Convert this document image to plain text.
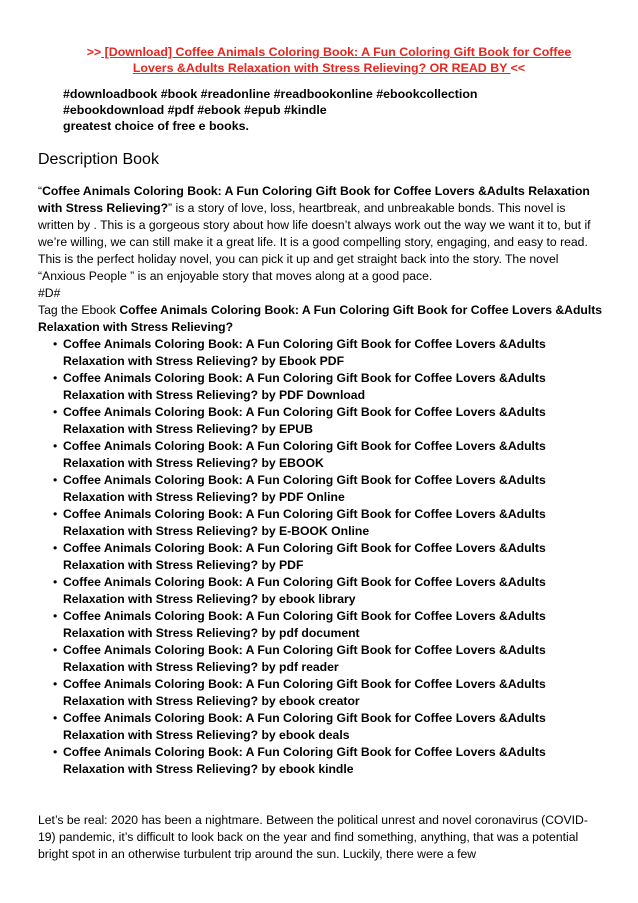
>> [Download] Coffee Animals Coloring Book: A Fun Coloring Gift Book for Coffee
Lovers &Adults Relaxation with Stress Relieving? OR READ BY <<
#downloadbook #book #readonline #readbookonline #ebookcollection
#ebookdownload #pdf #ebook #epub #kindle
greatest choice of free e books.
Description Book
“Coffee Animals Coloring Book: A Fun Coloring Gift Book for Coffee Lovers &Adults Relaxation with Stress Relieving?” is a story of love, loss, heartbreak, and unbreakable bonds. This novel is written by . This is a gorgeous story about how life doesn’t always work out the way we want it to, but if we’re willing, we can still make it a great life. It is a good compelling story, engaging, and easy to read. This is the perfect holiday novel, you can pick it up and get straight back into the story. The novel “Anxious People ” is an enjoyable story that moves along at a good pace.
#D#
Tag the Ebook Coffee Animals Coloring Book: A Fun Coloring Gift Book for Coffee Lovers &Adults Relaxation with Stress Relieving?
• Coffee Animals Coloring Book: A Fun Coloring Gift Book for Coffee Lovers &Adults Relaxation with Stress Relieving? by Ebook PDF
• Coffee Animals Coloring Book: A Fun Coloring Gift Book for Coffee Lovers &Adults Relaxation with Stress Relieving? by PDF Download
• Coffee Animals Coloring Book: A Fun Coloring Gift Book for Coffee Lovers &Adults Relaxation with Stress Relieving? by EPUB
• Coffee Animals Coloring Book: A Fun Coloring Gift Book for Coffee Lovers &Adults Relaxation with Stress Relieving? by EBOOK
• Coffee Animals Coloring Book: A Fun Coloring Gift Book for Coffee Lovers &Adults Relaxation with Stress Relieving? by PDF Online
• Coffee Animals Coloring Book: A Fun Coloring Gift Book for Coffee Lovers &Adults Relaxation with Stress Relieving? by E-BOOK Online
• Coffee Animals Coloring Book: A Fun Coloring Gift Book for Coffee Lovers &Adults Relaxation with Stress Relieving? by PDF
• Coffee Animals Coloring Book: A Fun Coloring Gift Book for Coffee Lovers &Adults Relaxation with Stress Relieving? by ebook library
• Coffee Animals Coloring Book: A Fun Coloring Gift Book for Coffee Lovers &Adults Relaxation with Stress Relieving? by pdf document
• Coffee Animals Coloring Book: A Fun Coloring Gift Book for Coffee Lovers &Adults Relaxation with Stress Relieving? by pdf reader
• Coffee Animals Coloring Book: A Fun Coloring Gift Book for Coffee Lovers &Adults Relaxation with Stress Relieving? by ebook creator
• Coffee Animals Coloring Book: A Fun Coloring Gift Book for Coffee Lovers &Adults Relaxation with Stress Relieving? by ebook deals
• Coffee Animals Coloring Book: A Fun Coloring Gift Book for Coffee Lovers &Adults Relaxation with Stress Relieving? by ebook kindle
Let’s be real: 2020 has been a nightmare. Between the political unrest and novel coronavirus (COVID-19) pandemic, it’s difficult to look back on the year and find something, anything, that was a potential bright spot in an otherwise turbulent trip around the sun. Luckily, there were a few
